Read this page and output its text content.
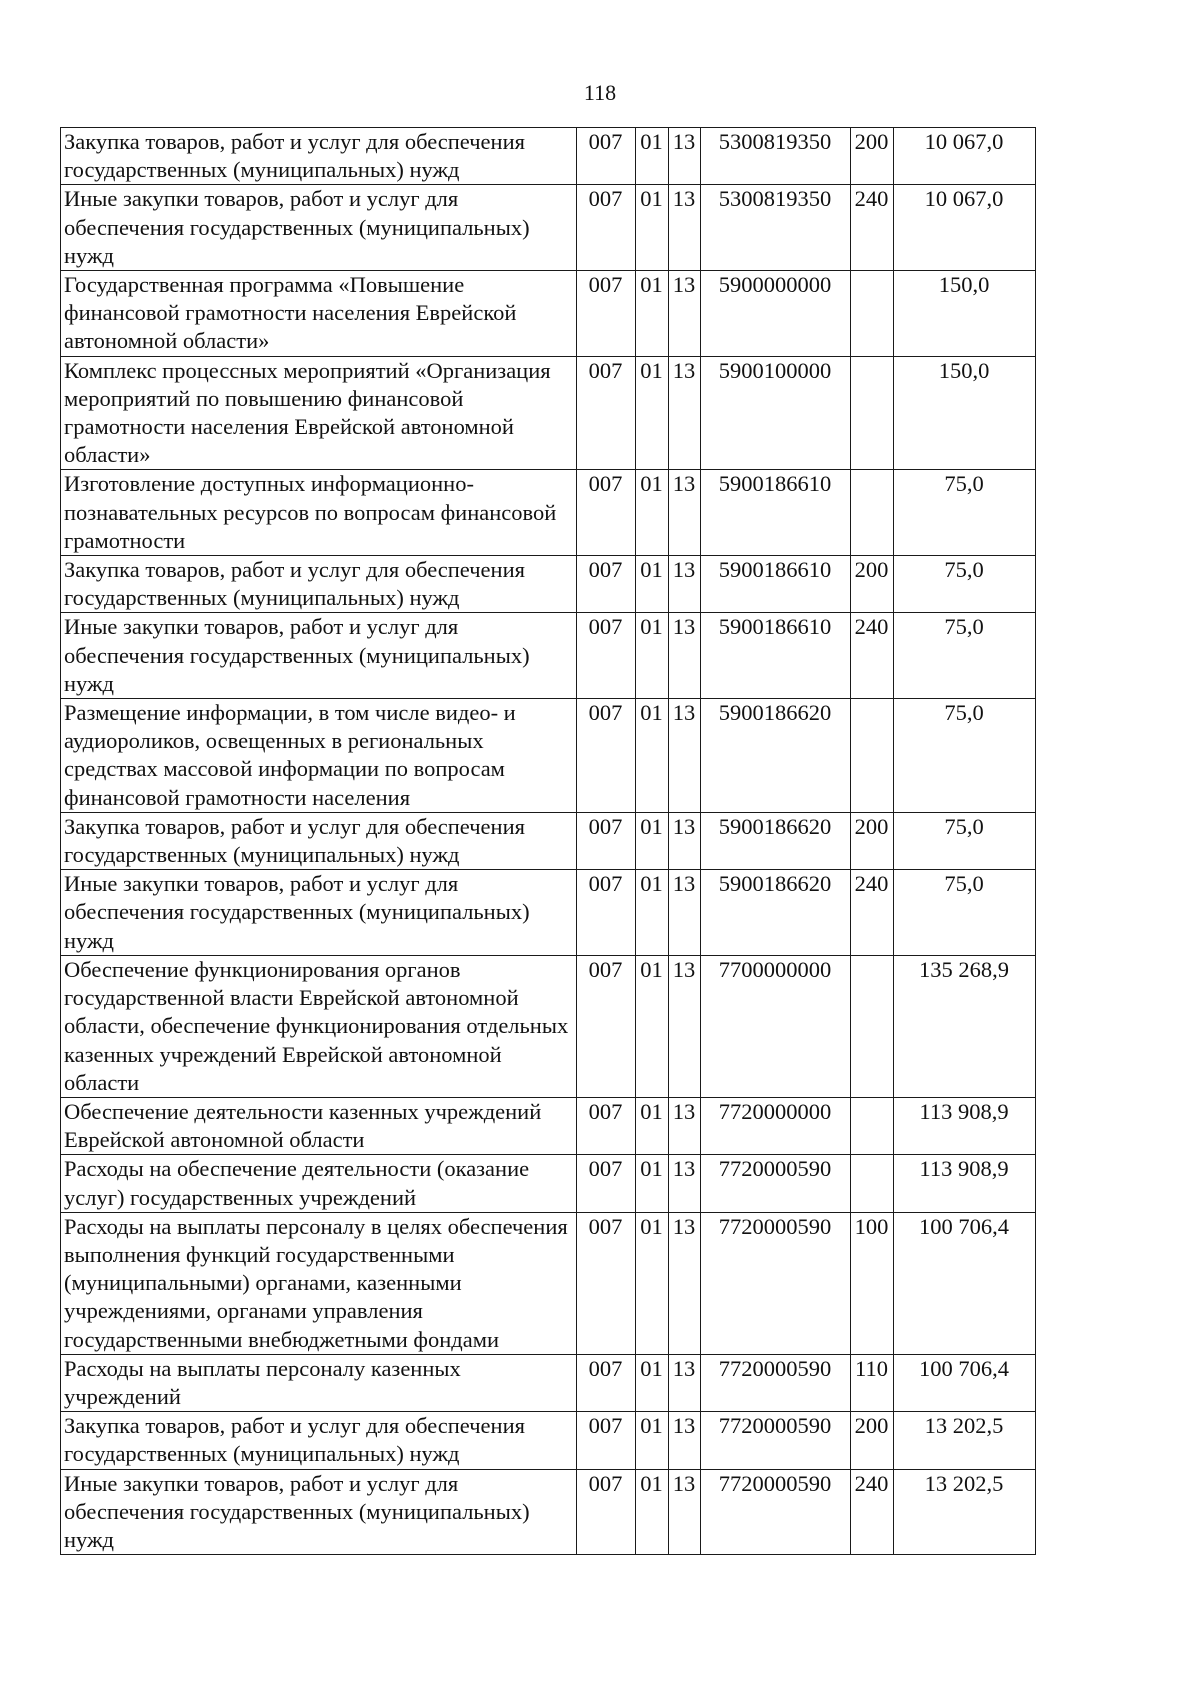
118
Закупка товаров, работ и услуг для обеспечения государственных (муниципальных) нужд	007	01	13	5300819350	200	10 067,0
Иные закупки товаров, работ и услуг для обеспечения государственных (муниципальных) нужд	007	01	13	5300819350	240	10 067,0
Государственная программа «Повышение финансовой грамотности населения Еврейской автономной области»	007	01	13	5900000000		150,0
Комплекс процессных мероприятий «Организация мероприятий по повышению финансовой грамотности населения Еврейской автономной области»	007	01	13	5900100000		150,0
Изготовление доступных информационно-познавательных ресурсов по вопросам финансовой грамотности	007	01	13	5900186610		75,0
Закупка товаров, работ и услуг для обеспечения государственных (муниципальных) нужд	007	01	13	5900186610	200	75,0
Иные закупки товаров, работ и услуг для обеспечения государственных (муниципальных) нужд	007	01	13	5900186610	240	75,0
Размещение информации, в том числе видео- и аудиороликов, освещенных в региональных средствах массовой информации по вопросам финансовой грамотности населения	007	01	13	5900186620		75,0
Закупка товаров, работ и услуг для обеспечения государственных (муниципальных) нужд	007	01	13	5900186620	200	75,0
Иные закупки товаров, работ и услуг для обеспечения государственных (муниципальных) нужд	007	01	13	5900186620	240	75,0
Обеспечение функционирования органов государственной власти Еврейской автономной области, обеспечение функционирования отдельных казенных учреждений Еврейской автономной области	007	01	13	7700000000		135 268,9
Обеспечение деятельности казенных учреждений Еврейской автономной области	007	01	13	7720000000		113 908,9
Расходы на обеспечение деятельности (оказание услуг) государственных учреждений	007	01	13	7720000590		113 908,9
Расходы на выплаты персоналу в целях обеспечения выполнения функций государственными (муниципальными) органами, казенными учреждениями, органами управления государственными внебюджетными фондами	007	01	13	7720000590	100	100 706,4
Расходы на выплаты персоналу казенных учреждений	007	01	13	7720000590	110	100 706,4
Закупка товаров, работ и услуг для обеспечения государственных (муниципальных) нужд	007	01	13	7720000590	200	13 202,5
Иные закупки товаров, работ и услуг для обеспечения государственных (муниципальных) нужд	007	01	13	7720000590	240	13 202,5
